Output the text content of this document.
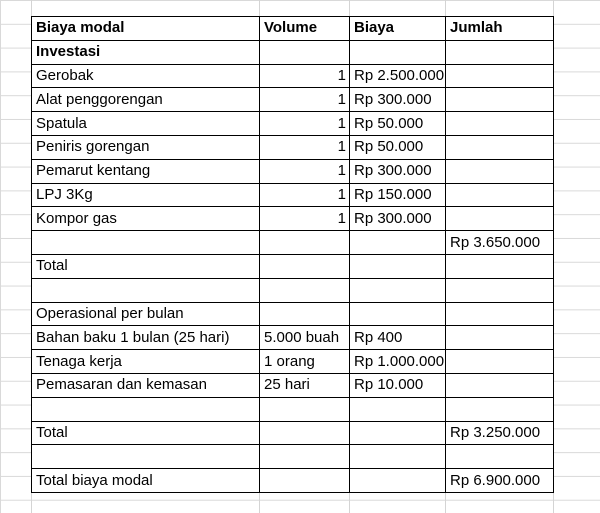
Biaya modal	Volume	Biaya	Jumlah
Investasi			
Gerobak	1	Rp 2.500.000	
Alat penggorengan	1	Rp 300.000	
Spatula	1	Rp 50.000	
Peniris gorengan	1	Rp 50.000	
Pemarut kentang	1	Rp 300.000	
LPJ 3Kg	1	Rp 150.000	
Kompor gas	1	Rp 300.000	
			Rp 3.650.000
Total			

Operasional per bulan			
Bahan baku 1 bulan (25 hari)	5.000 buah	Rp 400	
Tenaga kerja	1 orang	Rp 1.000.000	
Pemasaran dan kemasan	25 hari	Rp 10.000	

Total			Rp 3.250.000

Total biaya modal			Rp 6.900.000
